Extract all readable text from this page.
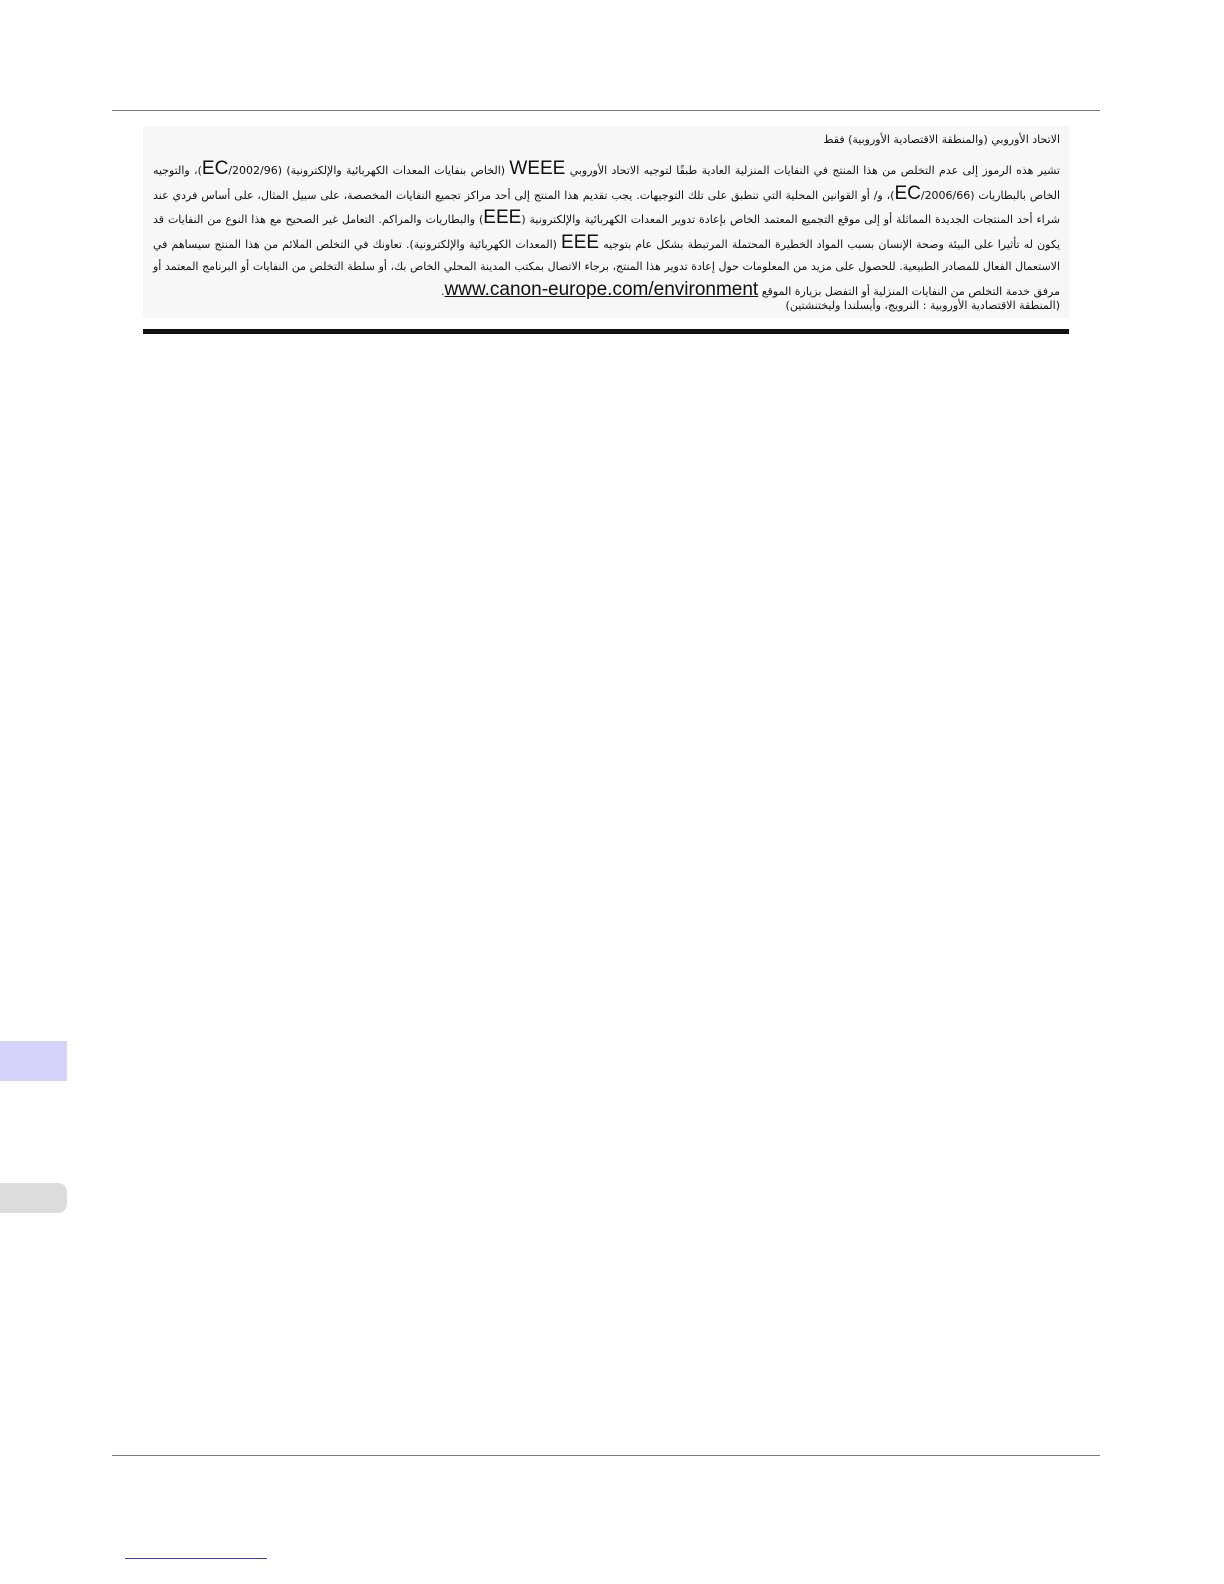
الاتحاد الأوروبي (والمنطقة الاقتصادية الأوروبية) فقط
تشير هذه الرموز إلى عدم التخلص من هذا المنتج في النفايات المنزلية العادية طبقًا لتوجيه الاتحاد الأوروبي WEEE (الخاص بنفايات المعدات الكهربائية والإلكترونية) (2002/96/EC)، والتوجيه الخاص بالبطاريات (2006/66/EC)، و/ أو القوانين المحلية التي تنطبق على تلك التوجيهات. يجب تقديم هذا المنتج إلى أحد مراكز تجميع النفايات المخصصة، على سبيل المثال، على أساس فردي عند شراء أحد المنتجات الجديدة المماثلة أو إلى موقع التجميع المعتمد الخاص بإعادة تدوير المعدات الكهربائية والإلكترونية (EEE) والبطاريات والمراكم. التعامل غير الصحيح مع هذا النوع من النفايات قد يكون له تأثيرا على البيئة وصحة الإنسان بسبب المواد الخطيرة المحتملة المرتبطة بشكل عام بتوجيه EEE (المعدات الكهربائية والإلكترونية). تعاونك في التخلص الملائم من هذا المنتج سيساهم في الاستعمال الفعال للمصادر الطبيعية. للحصول على مزيد من المعلومات حول إعادة تدوير هذا المنتج، برجاء الاتصال بمكتب المدينة المحلي الخاص بك، أو سلطة التخلص من النفايات أو البرنامج المعتمد أو مرفق خدمة التخلص من النفايات المنزلية أو التفضل بزيارة الموقع www.canon-europe.com/environment.
(المنطقة الاقتصادية الأوروبية : النرويج، وأيسلندا وليختنشتين)
